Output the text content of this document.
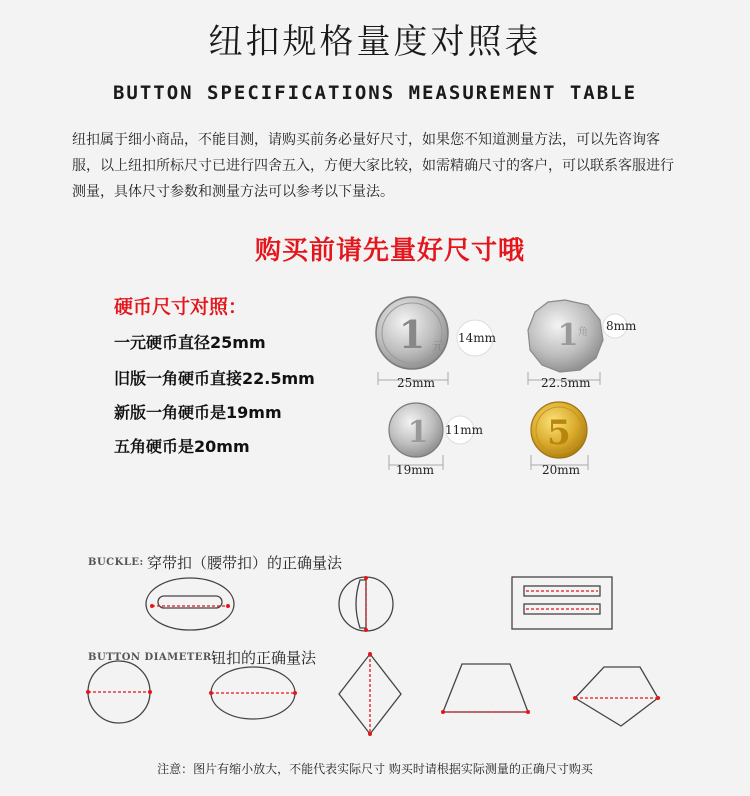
纽扣规格量度对照表
BUTTON SPECIFICATIONS MEASUREMENT TABLE
纽扣属于细小商品，不能目测，请购买前务必量好尺寸，如果您不知道测量方法，可以先咨询客服，以上纽扣所标尺寸已进行四舍五入，方便大家比较，如需精确尺寸的客户，可以联系客服进行测量，具体尺寸参数和测量方法可以参考以下量法。
购买前请先量好尺寸哦
硬币尺寸对照：
一元硬币直径25mm
旧版一角硬币直接22.5mm
新版一角硬币是19mm
五角硬币是20mm
1 元	1 角
1	5
14mm
25mm
8mm
22.5mm
11mm
19mm	20mm
BUCKLE: 穿带扣（腰带扣）的正确量法
BUTTON DIAMETER:
钮扣的正确量法
注意：图片有缩小放大，不能代表实际尺寸 购买时请根据实际测量的正确尺寸购买
